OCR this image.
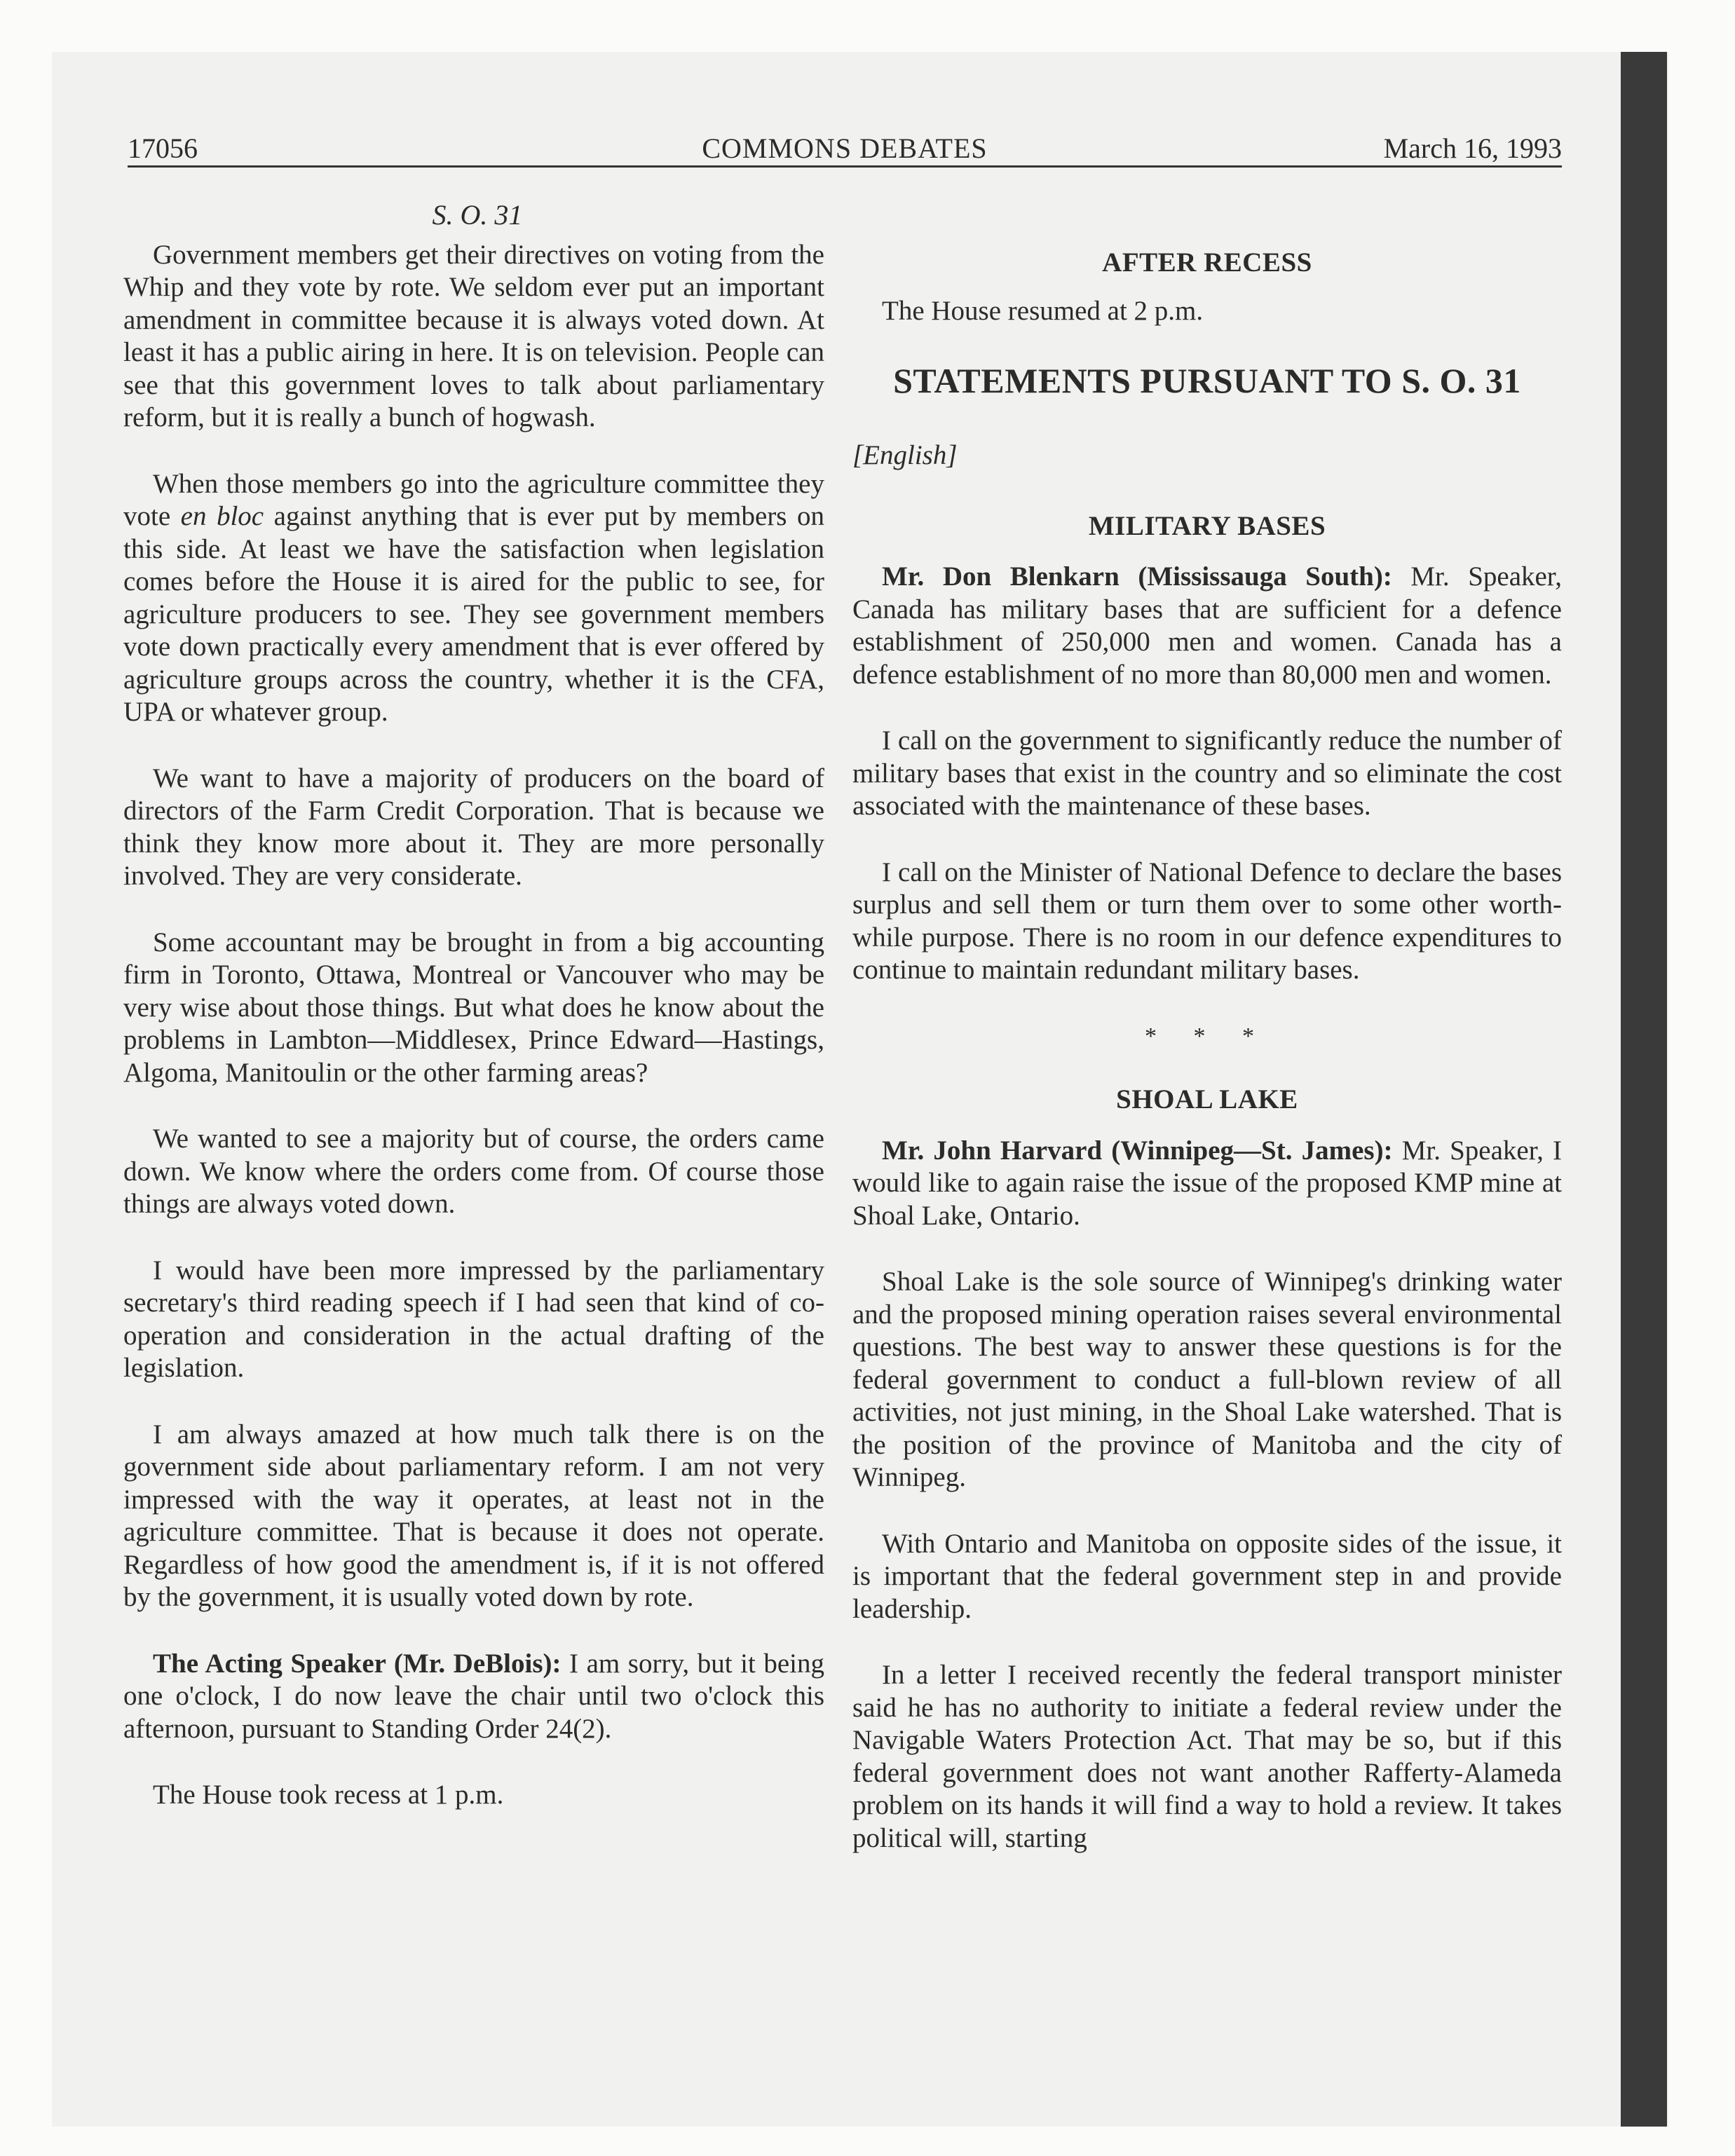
17056	COMMONS DEBATES	March 16, 1993
S. O. 31

Government members get their directives on voting from the Whip and they vote by rote. We seldom ever put an important amendment in committee because it is always voted down. At least it has a public airing in here. It is on television. People can see that this government loves to talk about parliamentary reform, but it is really a bunch of hogwash.

When those members go into the agriculture committee they vote en bloc against anything that is ever put by members on this side. At least we have the satisfaction when legislation comes before the House it is aired for the public to see, for agriculture producers to see. They see government members vote down practically every amendment that is ever offered by agriculture groups across the country, whether it is the CFA, UPA or whatever group.

We want to have a majority of producers on the board of directors of the Farm Credit Corporation. That is because we think they know more about it. They are more personally involved. They are very considerate.

Some accountant may be brought in from a big accounting firm in Toronto, Ottawa, Montreal or Vancouver who may be very wise about those things. But what does he know about the problems in Lambton—Middlesex, Prince Edward—Hastings, Algoma, Manitoulin or the other farming areas?

We wanted to see a majority but of course, the orders came down. We know where the orders come from. Of course those things are always voted down.

I would have been more impressed by the parliamentary secretary's third reading speech if I had seen that kind of co-operation and consideration in the actual drafting of the legislation.

I am always amazed at how much talk there is on the government side about parliamentary reform. I am not very impressed with the way it operates, at least not in the agriculture committee. That is because it does not operate. Regardless of how good the amendment is, if it is not offered by the government, it is usually voted down by rote.

The Acting Speaker (Mr. DeBlois): I am sorry, but it being one o'clock, I do now leave the chair until two o'clock this afternoon, pursuant to Standing Order 24(2).

The House took recess at 1 p.m.

AFTER RECESS

The House resumed at 2 p.m.

STATEMENTS PURSUANT TO S. O. 31
[English]
MILITARY BASES

Mr. Don Blenkarn (Mississauga South): Mr. Speaker, Canada has military bases that are sufficient for a defence establishment of 250,000 men and women. Canada has a defence establishment of no more than 80,000 men and women.

I call on the government to significantly reduce the number of military bases that exist in the country and so eliminate the cost associated with the maintenance of these bases.

I call on the Minister of National Defence to declare the bases surplus and sell them or turn them over to some other worth-while purpose. There is no room in our defence expenditures to continue to maintain redundant military bases.

* * *
SHOAL LAKE

Mr. John Harvard (Winnipeg—St. James): Mr. Speaker, I would like to again raise the issue of the proposed KMP mine at Shoal Lake, Ontario.

Shoal Lake is the sole source of Winnipeg's drinking water and the proposed mining operation raises several environmental questions. The best way to answer these questions is for the federal government to conduct a full-blown review of all activities, not just mining, in the Shoal Lake watershed. That is the position of the province of Manitoba and the city of Winnipeg.

With Ontario and Manitoba on opposite sides of the issue, it is important that the federal government step in and provide leadership.

In a letter I received recently the federal transport minister said he has no authority to initiate a federal review under the Navigable Waters Protection Act. That may be so, but if this federal government does not want another Rafferty-Alameda problem on its hands it will find a way to hold a review. It takes political will, starting
